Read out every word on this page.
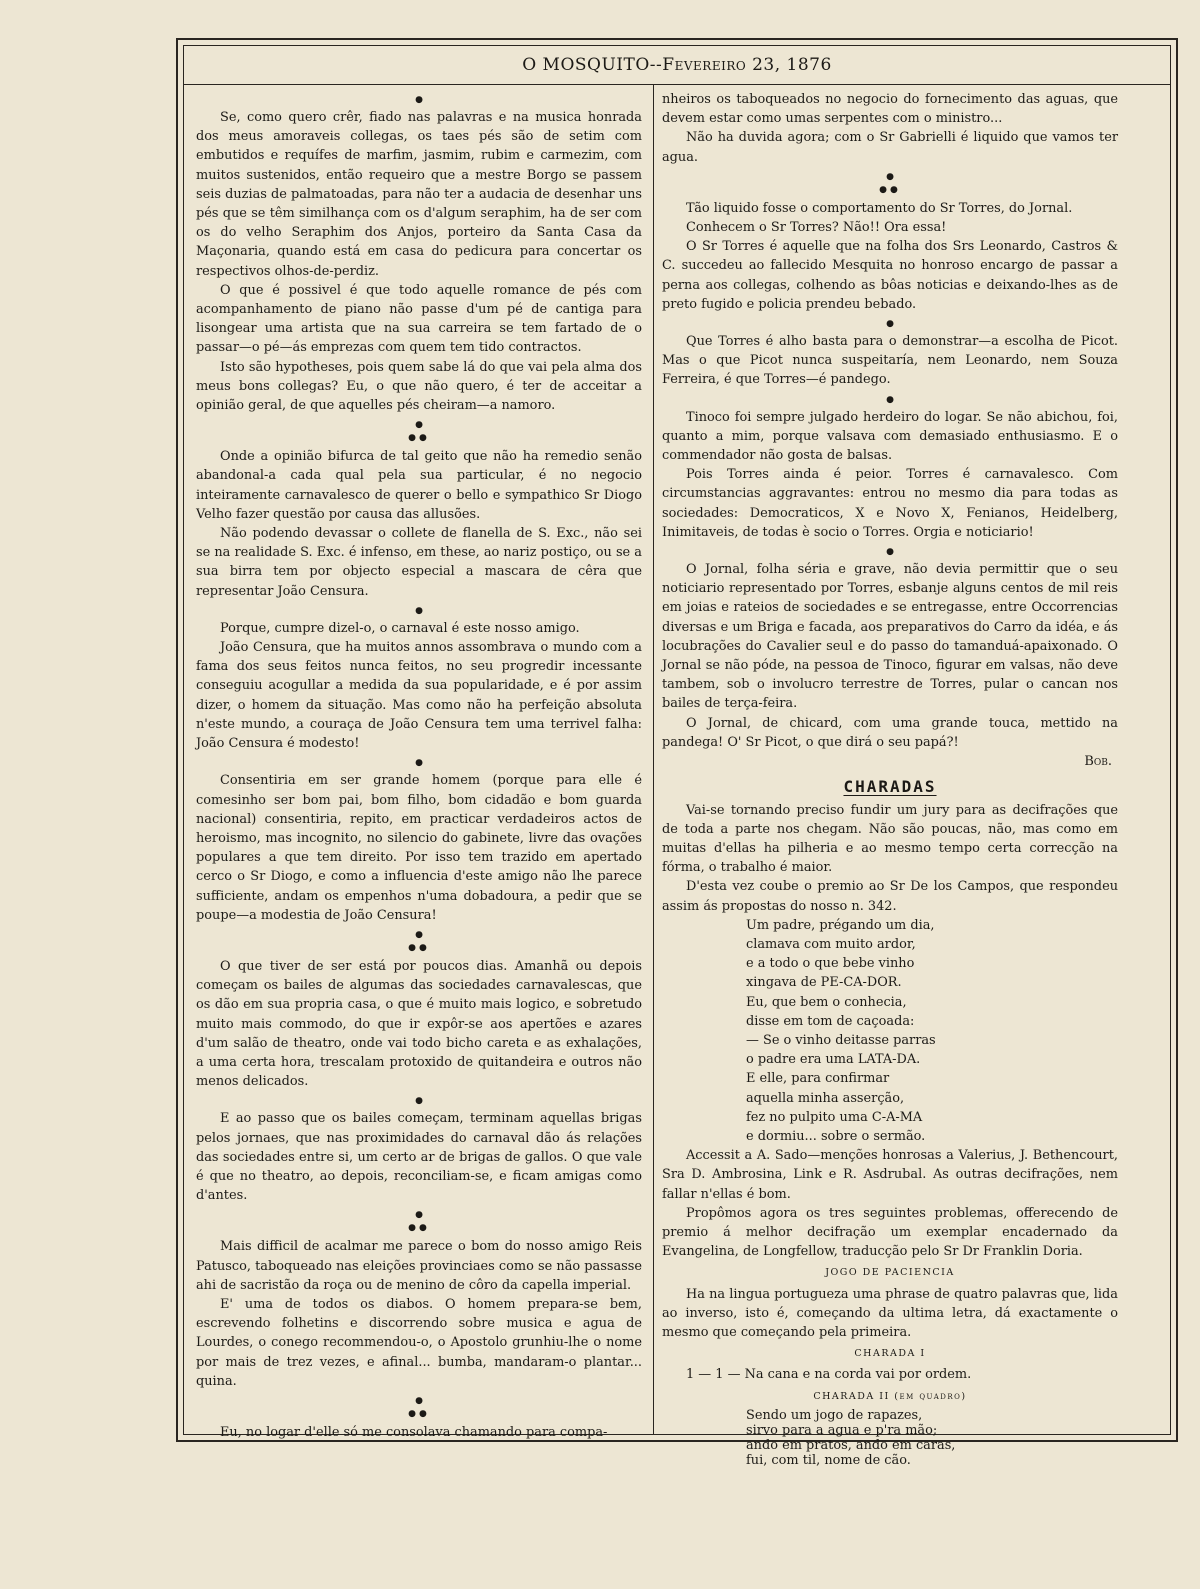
O MOSQUITO -- Fevereiro 23, 1876
●

Se, como quero crêr, fiado nas palavras e na musica honrada dos meus amoraveis collegas, os taes pés são de setim com embutidos e requífes de marfim, jasmim, rubim e carmezim, com muitos sustenidos, então requeiro que a mestre Borgo se passem seis duzias de palmatoadas, para não ter a audacia de desenhar uns pés que se têm similhança com os d'algum seraphim, ha de ser com os do velho Seraphim dos Anjos, porteiro da Santa Casa da Maçonaria, quando está em casa do pedicura para concertar os respectivos olhos-de-perdiz.

O que é possivel é que todo aquelle romance de pés com acompanhamento de piano não passe d'um pé de cantiga para lisongear uma artista que na sua carreira se tem fartado de o passar—o pé—ás emprezas com quem tem tido contractos.

Isto são hypotheses, pois quem sabe lá do que vai pela alma dos meus bons collegas? Eu, o que não quero, é ter de acceitar a opinião geral, de que aquelles pés cheiram—a namoro.

●
●●

Onde a opinião bifurca de tal geito que não ha remedio senão abandonal-a cada qual pela sua particular, é no negocio inteiramente carnavalesco de querer o bello e sympathico Sr Diogo Velho fazer questão por causa das allusões.

Não podendo devassar o collete de flanella de S. Exc., não sei se na realidade S. Exc. é infenso, em these, ao nariz postiço, ou se a sua birra tem por objecto especial a mascara de cêra que representar João Censura.

●

Porque, cumpre dizel-o, o carnaval é este nosso amigo.

João Censura, que ha muitos annos assombrava o mundo com a fama dos seus feitos nunca feitos, no seu progredir incessante conseguiu acogullar a medida da sua popularidade, e é por assim dizer, o homem da situação. Mas como não ha perfeição absoluta n'este mundo, a couraça de João Censura tem uma terrivel falha: João Censura é modesto!

●

Consentiria em ser grande homem (porque para elle é comesinho ser bom pai, bom filho, bom cidadão e bom guarda nacional) consentiria, repito, em practicar verdadeiros actos de heroismo, mas incognito, no silencio do gabinete, livre das ovações populares a que tem direito. Por isso tem trazido em apertado cerco o Sr Diogo, e como a influencia d'este amigo não lhe parece sufficiente, andam os empenhos n'uma dobadoura, a pedir que se poupe—a modestia de João Censura!

●
●●

O que tiver de ser está por poucos dias. Amanhã ou depois começam os bailes de algumas das sociedades carnavalescas, que os dão em sua propria casa, o que é muito mais logico, e sobretudo muito mais commodo, do que ir expôr-se aos apertões e azares d'um salão de theatro, onde vai todo bicho careta e as exhalações, a uma certa hora, trescalam protoxido de quitandeira e outros não menos delicados.

●

E ao passo que os bailes começam, terminam aquellas brigas pelos jornaes, que nas proximidades do carnaval dão ás relações das sociedades entre si, um certo ar de brigas de gallos. O que vale é que no theatro, ao depois, reconciliam-se, e ficam amigas como d'antes.

●
●●

Mais difficil de acalmar me parece o bom do nosso amigo Reis Patusco, taboqueado nas eleições provinciaes como se não passasse ahi de sacristão da roça ou de menino de côro da capella imperial.

E' uma de todos os diabos. O homem prepara-se bem, escrevendo folhetins e discorrendo sobre musica e agua de Lourdes, o conego recommendou-o, o Apostolo grunhiu-lhe o nome por mais de trez vezes, e afinal... bumba, mandaram-o plantar... quina.

●
●●

Eu, no logar d'elle só me consolava chamando para compa-

nheiros os taboqueados no negocio do fornecimento das aguas, que devem estar como umas serpentes com o ministro...

Não ha duvida agora; com o Sr Gabrielli é liquido que vamos ter agua.

●
●●

Tão liquido fosse o comportamento do Sr Torres, do Jornal.

Conhecem o Sr Torres? Não!! Ora essa!

O Sr Torres é aquelle que na folha dos Srs Leonardo, Castros & C. succedeu ao fallecido Mesquita no honroso encargo de passar a perna aos collegas, colhendo as bôas noticias e deixando-lhes as de preto fugido e policia prendeu bebado.

●

Que Torres é alho basta para o demonstrar—a escolha de Picot. Mas o que Picot nunca suspeitaría, nem Leonardo, nem Souza Ferreira, é que Torres—é pandego.

●

Tinoco foi sempre julgado herdeiro do logar. Se não abichou, foi, quanto a mim, porque valsava com demasiado enthusiasmo. E o commendador não gosta de balsas.

Pois Torres ainda é peior. Torres é carnavalesco. Com circumstancias aggravantes: entrou no mesmo dia para todas as sociedades: Democraticos, X e Novo X, Fenianos, Heidelberg, Inimitaveis, de todas è socio o Torres. Orgia e noticiario!

●

O Jornal, folha séria e grave, não devia permittir que o seu noticiario representado por Torres, esbanje alguns centos de mil reis em joias e rateios de sociedades e se entregasse, entre Occorrencias diversas e um Briga e facada, aos preparativos do Carro da idéa, e ás locubrações do Cavalier seul e do passo do tamanduá-apaixonado. O Jornal se não póde, na pessoa de Tinoco, figurar em valsas, não deve tambem, sob o involucro terrestre de Torres, pular o cancan nos bailes de terça-feira.

O Jornal, de chicard, com uma grande touca, mettido na pandega! O' Sr Picot, o que dirá o seu papá?!

Bob.
CHARADAS

Vai-se tornando preciso fundir um jury para as decifrações que de toda a parte nos chegam. Não são poucas, não, mas como em muitas d'ellas ha pilheria e ao mesmo tempo certa correcção na fórma, o trabalho é maior.

D'esta vez coube o premio ao Sr De los Campos, que respondeu assim ás propostas do nosso n. 342.

Um padre, prégando um dia,
clamava com muito ardor,
e a todo o que bebe vinho
xingava de PE-CA-DOR.
Eu, que bem o conhecia,
disse em tom de caçoada:
— Se o vinho deitasse parras
o padre era uma LATA-DA.
E elle, para confirmar
aquella minha asserção,
fez no pulpito uma C-A-MA
e dormiu... sobre o sermão.

Accessit a A. Sado—menções honrosas a Valerius, J. Bethencourt, Sra D. Ambrosina, Link e R. Asdrubal. As outras decifrações, nem fallar n'ellas é bom.

Propômos agora os tres seguintes problemas, offerecendo de premio á melhor decifração um exemplar encadernado da Evangelina, de Longfellow, traducção pelo Sr Dr Franklin Doria.

JOGO DE PACIENCIA

Ha na lingua portugueza uma phrase de quatro palavras que, lida ao inverso, isto é, começando da ultima letra, dá exactamente o mesmo que começando pela primeira.

CHARADA I

1 — 1 — Na cana e na corda vai por ordem.

CHARADA II (em quadro)
Sendo um jogo de rapazes,
sirvo para a agua e p'ra mão;
ando em pratos, ando em caras,
fui, com til, nome de cão.
